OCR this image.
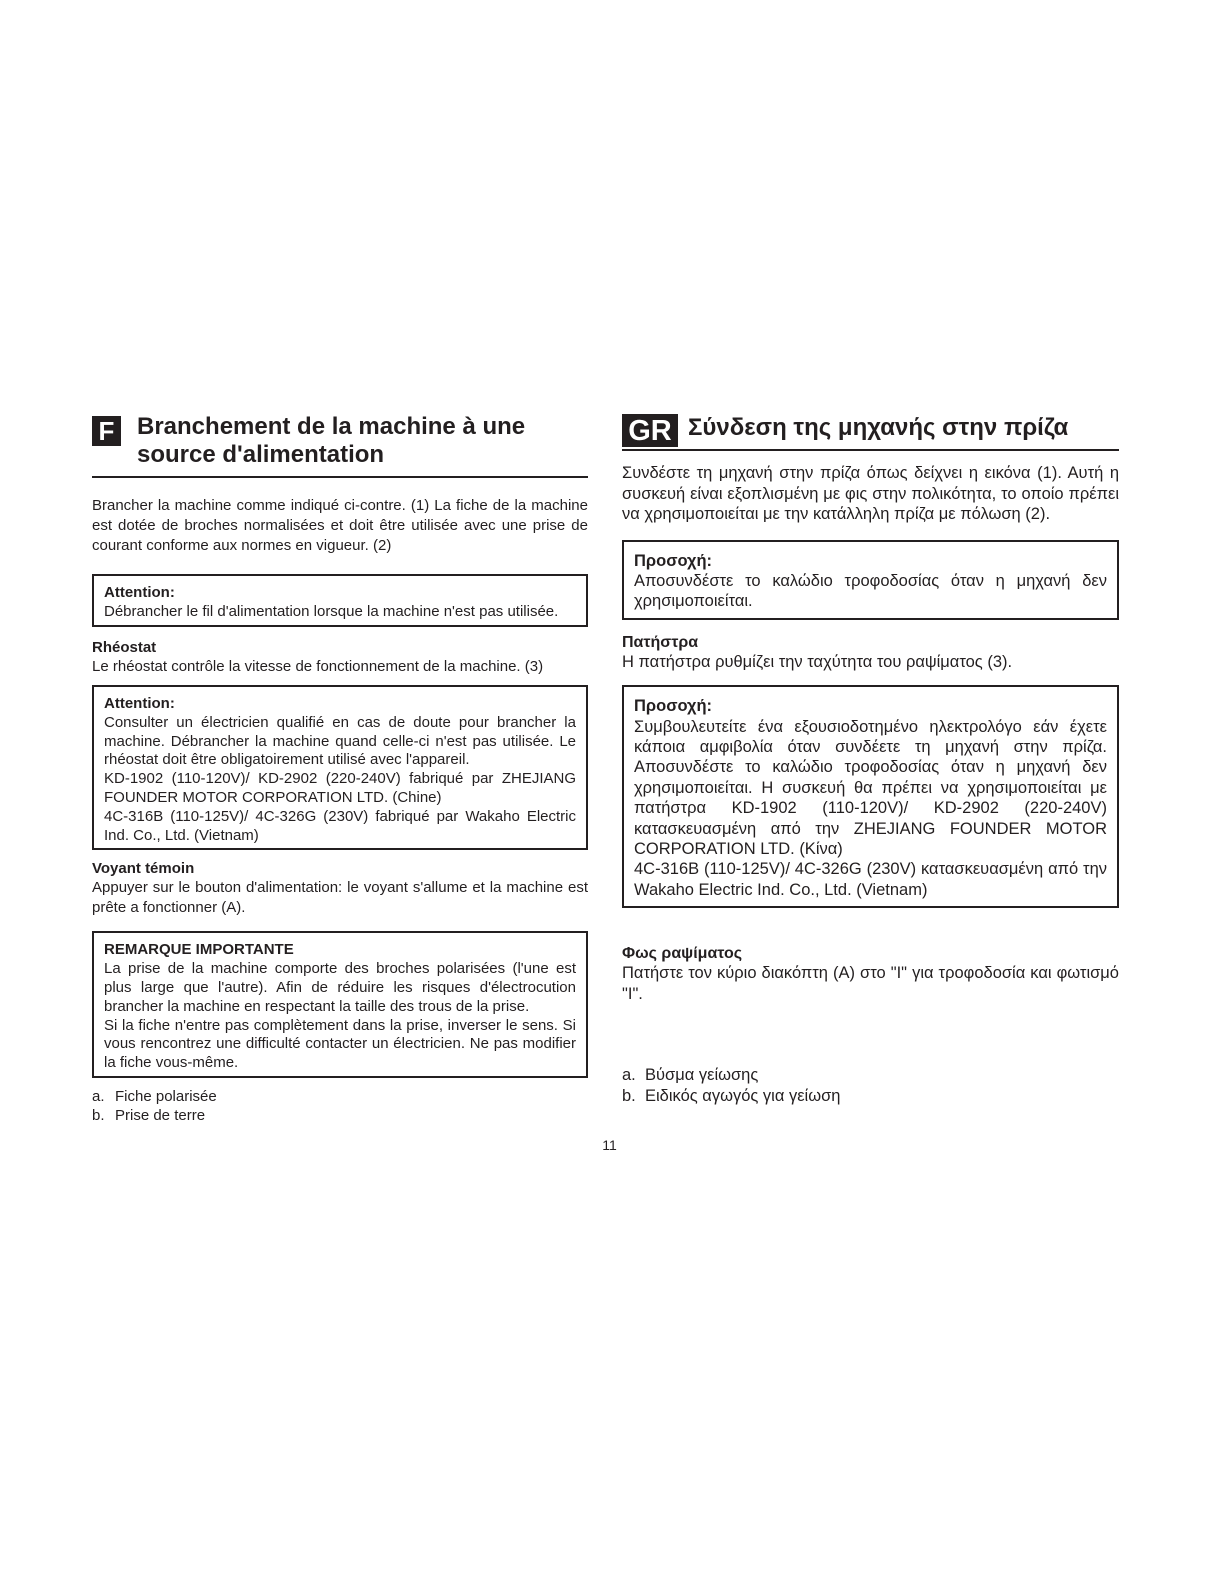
F Branchement de la machine à une source d'alimentation

Brancher la machine comme indiqué ci-contre. (1) La fiche de la machine est dotée de broches normalisées et doit être utilisée avec une prise de courant conforme aux normes en vigueur. (2)

Attention:
Débrancher le fil d'alimentation lorsque la machine n'est pas utilisée.
Rhéostat
Le rhéostat contrôle la vitesse de fonctionnement de la machine. (3)
Attention:
Consulter un électricien qualifié en cas de doute pour brancher la machine. Débrancher la machine quand celle-ci n'est pas utilisée. Le rhéostat doit être obligatoirement utilisé avec l'appareil.
KD-1902 (110-120V)/ KD-2902 (220-240V) fabriqué par ZHEJIANG FOUNDER MOTOR CORPORATION LTD. (Chine)
4C-316B (110-125V)/ 4C-326G (230V) fabriqué par Wakaho Electric Ind. Co., Ltd. (Vietnam)
Voyant témoin
Appuyer sur le bouton d'alimentation: le voyant s'allume et la machine est prête a fonctionner (A).
REMARQUE IMPORTANTE
La prise de la machine comporte des broches polarisées (l'une est plus large que l'autre). Afin de réduire les risques d'électrocution brancher la machine en respectant la taille des trous de la prise.
Si la fiche n'entre pas complètement dans la prise, inverser le sens. Si vous rencontrez une difficulté contacter un électricien. Ne pas modifier la fiche vous-même.
a. Fiche polarisée
b. Prise de terre
GR Σύνδεση της μηχανής στην πρίζα

Συνδέστε τη μηχανή στην πρίζα όπως δείχνει η εικόνα (1). Αυτή η συσκευή είναι εξοπλισμένη με φις στην πολικότητα, το οποίο πρέπει να χρησιμοποιείται με την κατάλληλη πρίζα με πόλωση (2).

Προσοχή:
Αποσυνδέστε το καλώδιο τροφοδοσίας όταν η μηχανή δεν χρησιμοποιείται.
Πατήστρα
Η πατήστρα ρυθμίζει την ταχύτητα του ραψίματος (3).
Προσοχή:
Συμβουλευτείτε ένα εξουσιοδοτημένο ηλεκτρολόγο εάν έχετε κάποια αμφιβολία όταν συνδέετε τη μηχανή στην πρίζα. Αποσυνδέστε το καλώδιο τροφοδοσίας όταν η μηχανή δεν χρησιμοποιείται. Η συσκευή θα πρέπει να χρησιμοποιείται με πατήστρα KD-1902 (110-120V)/ KD-2902 (220-240V) κατασκευασμένη από την ZHEJIANG FOUNDER MOTOR CORPORATION LTD. (Κίνα)
4C-316B (110-125V)/ 4C-326G (230V) κατασκευασμένη από την Wakaho Electric Ind. Co., Ltd. (Vietnam)
Φως ραψίματος
Πατήστε τον κύριο διακόπτη (A) στο "I" για τροφοδοσία και φωτισμό "I".
a. Βύσμα γείωσης
b. Ειδικός αγωγός για γείωση
11
